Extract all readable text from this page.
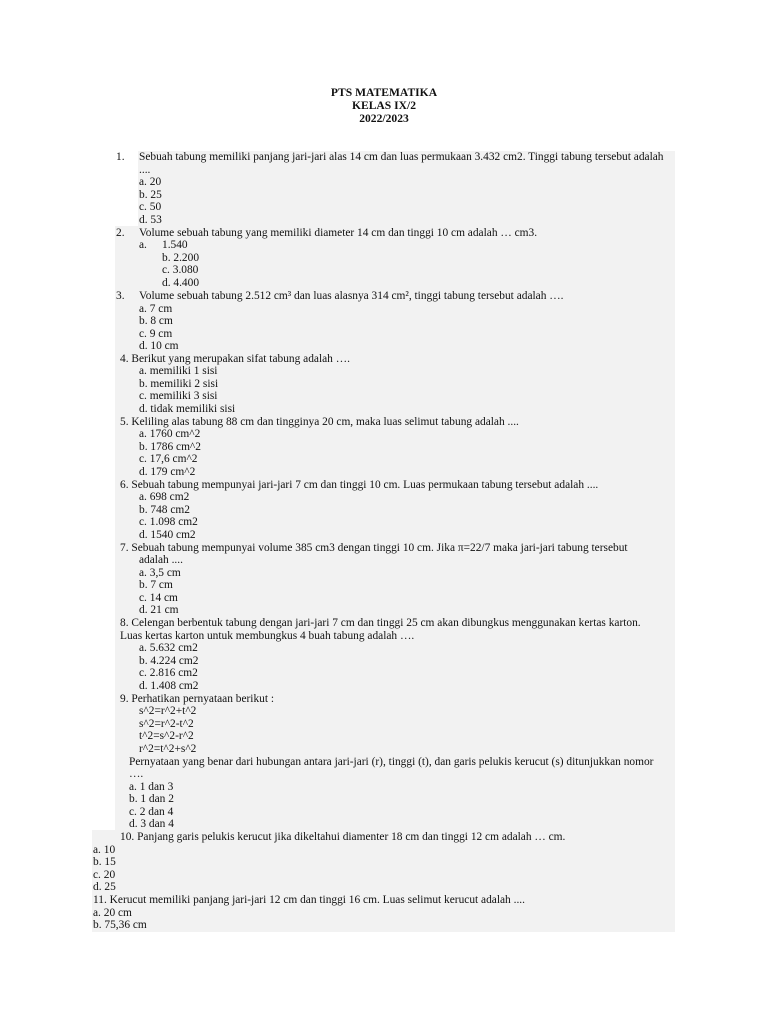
PTS MATEMATIKA
KELAS IX/2
2022/2023
1. Sebuah tabung memiliki panjang jari-jari alas 14 cm dan luas permukaan 3.432 cm2. Tinggi tabung tersebut adalah
....
a. 20
b. 25
c. 50
d. 53
2. Volume sebuah tabung yang memiliki diameter 14 cm dan tinggi 10 cm adalah … cm3.
a. 1.540
b. 2.200
c. 3.080
d. 4.400
3. Volume sebuah tabung 2.512 cm³ dan luas alasnya 314 cm², tinggi tabung tersebut adalah ….
a. 7 cm
b. 8 cm
c. 9 cm
d. 10 cm
4. Berikut yang merupakan sifat tabung adalah ….
a. memiliki 1 sisi
b. memiliki 2 sisi
c. memiliki 3 sisi
d. tidak memiliki sisi
5. Keliling alas tabung 88 cm dan tingginya 20 cm, maka luas selimut tabung adalah ....
a. 1760 cm^2
b. 1786 cm^2
c. 17,6 cm^2
d. 179 cm^2
6. Sebuah tabung mempunyai jari-jari 7 cm dan tinggi 10 cm. Luas permukaan tabung tersebut adalah ....
a. 698 cm2
b. 748 cm2
c. 1.098 cm2
d. 1540 cm2
7. Sebuah tabung mempunyai volume 385 cm3 dengan tinggi 10 cm. Jika π=22/7 maka jari-jari tabung tersebut
adalah ....
a. 3,5 cm
b. 7 cm
c. 14 cm
d. 21 cm
8. Celengan berbentuk tabung dengan jari-jari 7 cm dan tinggi 25 cm akan dibungkus menggunakan kertas karton.
Luas kertas karton untuk membungkus 4 buah tabung adalah ….
a. 5.632 cm2
b. 4.224 cm2
c. 2.816 cm2
d. 1.408 cm2
9. Perhatikan pernyataan berikut :
s^2=r^2+t^2
s^2=r^2-t^2
t^2=s^2-r^2
r^2=t^2+s^2
Pernyataan yang benar dari hubungan antara jari-jari (r), tinggi (t), dan garis pelukis kerucut (s) ditunjukkan nomor
….
a. 1 dan 3
b. 1 dan 2
c. 2 dan 4
d. 3 dan 4
10. Panjang garis pelukis kerucut jika dikeltahui diamenter 18 cm dan tinggi 12 cm adalah … cm.
a. 10
b. 15
c. 20
d. 25
11. Kerucut memiliki panjang jari-jari 12 cm dan tinggi 16 cm. Luas selimut kerucut adalah ....
a. 20 cm
b. 75,36 cm
